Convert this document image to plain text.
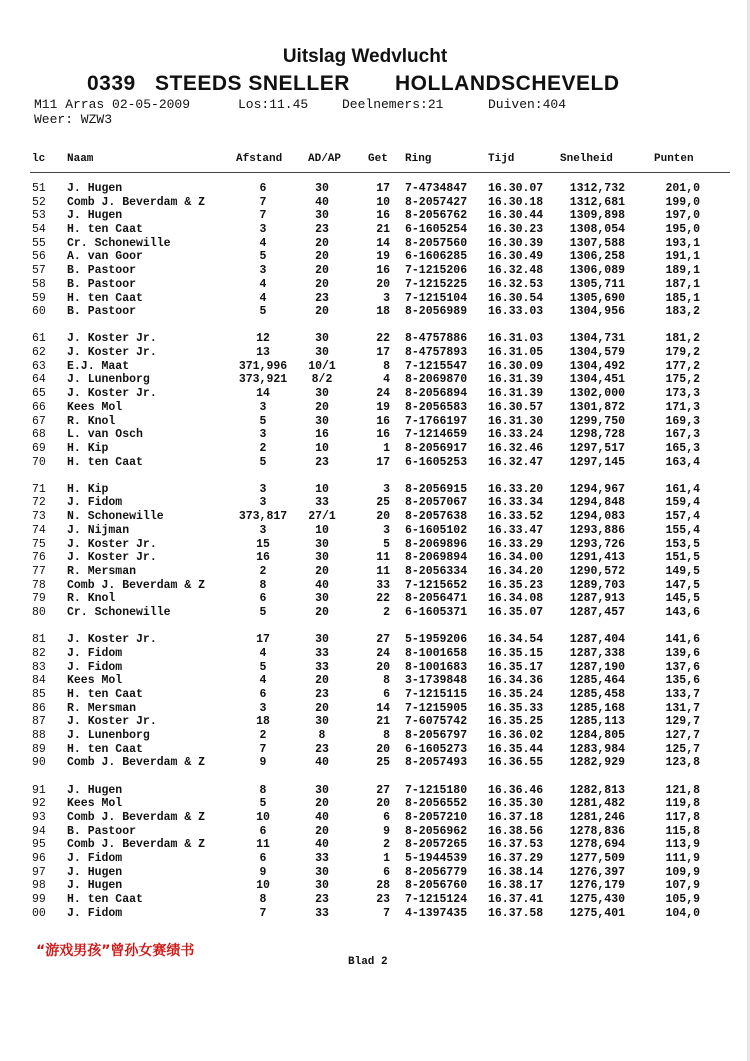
Uitslag Wedvlucht
0339 STEEDS SNELLER HOLLANDSCHEVELD
M11 Arras 02-05-2009	Los:11.45	Deelnemers:21	Duiven:404
Weer: WZW3
lc Naam	Afstand AD/AP Get Ring	Tijd	Snelheid	Punten
51 J. Hugen	6	30	17 7-4734847 16.30.07	1312,732	201,0
52 Comb J. Beverdam & Z	7	40	10 8-2057427 16.30.18	1312,681	199,0
53 J. Hugen	7	30	16 8-2056762 16.30.44	1309,898	197,0
54 H. ten Caat	3	23	21 6-1605254 16.30.23	1308,054	195,0
55 Cr. Schonewille	4	20	14 8-2057560 16.30.39	1307,588	193,1
56 A. van Goor	5	20	19 6-1606285 16.30.49	1306,258	191,1
57 B. Pastoor	3	20	16 7-1215206 16.32.48	1306,089	189,1
58 B. Pastoor	4	20	20 7-1215225 16.32.53	1305,711	187,1
59 H. ten Caat	4	23	3 7-1215104 16.30.54	1305,690	185,1
60 B. Pastoor	5	20	18 8-2056989 16.33.03	1304,956	183,2
61 J. Koster Jr.	12	30	22 8-4757886 16.31.03	1304,731	181,2
62 J. Koster Jr.	13	30	17 8-4757893 16.31.05	1304,579	179,2
63 E.J. Maat	371,996	10/1	8 7-1215547 16.30.09	1304,492	177,2
64 J. Lunenborg	373,921	8/2	4 8-2069870 16.31.39	1304,451	175,2
65 J. Koster Jr.	14	30	24 8-2056894 16.31.39	1302,000	173,3
66 Kees Mol	3	20	19 8-2056583 16.30.57	1301,872	171,3
67 R. Knol	5	30	16 7-1766197 16.31.30	1299,750	169,3
68 L. van Osch	3	16	16 7-1214659 16.33.24	1298,728	167,3
69 H. Kip	2	10	1 8-2056917 16.32.46	1297,517	165,3
70 H. ten Caat	5	23	17 6-1605253 16.32.47	1297,145	163,4
71 H. Kip	3	10	3 8-2056915 16.33.20	1294,967	161,4
72 J. Fidom	3	33	25 8-2057067 16.33.34	1294,848	159,4
73 N. Schonewille	373,817	27/1	20 8-2057638 16.33.52	1294,083	157,4
74 J. Nijman	3	10	3 6-1605102 16.33.47	1293,886	155,4
75 J. Koster Jr.	15	30	5 8-2069896 16.33.29	1293,726	153,5
76 J. Koster Jr.	16	30	11 8-2069894 16.34.00	1291,413	151,5
77 R. Mersman	2	20	11 8-2056334 16.34.20	1290,572	149,5
78 Comb J. Beverdam & Z	8	40	33 7-1215652 16.35.23	1289,703	147,5
79 R. Knol	6	30	22 8-2056471 16.34.08	1287,913	145,5
80 Cr. Schonewille	5	20	2 6-1605371 16.35.07	1287,457	143,6
81 J. Koster Jr.	17	30	27 5-1959206 16.34.54	1287,404	141,6
82 J. Fidom	4	33	24 8-1001658 16.35.15	1287,338	139,6
83 J. Fidom	5	33	20 8-1001683 16.35.17	1287,190	137,6
84 Kees Mol	4	20	8 3-1739848 16.34.36	1285,464	135,6
85 H. ten Caat	6	23	6 7-1215115 16.35.24	1285,458	133,7
86 R. Mersman	3	20	14 7-1215905 16.35.33	1285,168	131,7
87 J. Koster Jr.	18	30	21 7-6075742 16.35.25	1285,113	129,7
88 J. Lunenborg	2	8	8 8-2056797 16.36.02	1284,805	127,7
89 H. ten Caat	7	23	20 6-1605273 16.35.44	1283,984	125,7
90 Comb J. Beverdam & Z	9	40	25 8-2057493 16.36.55	1282,929	123,8
91 J. Hugen	8	30	27 7-1215180 16.36.46	1282,813	121,8
92 Kees Mol	5	20	20 8-2056552 16.35.30	1281,482	119,8
93 Comb J. Beverdam & Z	10	40	6 8-2057210 16.37.18	1281,246	117,8
94 B. Pastoor	6	20	9 8-2056962 16.38.56	1278,836	115,8
95 Comb J. Beverdam & Z	11	40	2 8-2057265 16.37.53	1278,694	113,9
96 J. Fidom	6	33	1 5-1944539 16.37.29	1277,509	111,9
97 J. Hugen	9	30	6 8-2056779 16.38.14	1276,397	109,9
98 J. Hugen	10	30	28 8-2056760 16.38.17	1276,179	107,9
99 H. ten Caat	8	23	23 7-1215124 16.37.41	1275,430	105,9
00 J. Fidom	7	33	7 4-1397435 16.37.58	1275,401	104,0
“游戏男孩”曾孙女赛绩书
Blad 2
